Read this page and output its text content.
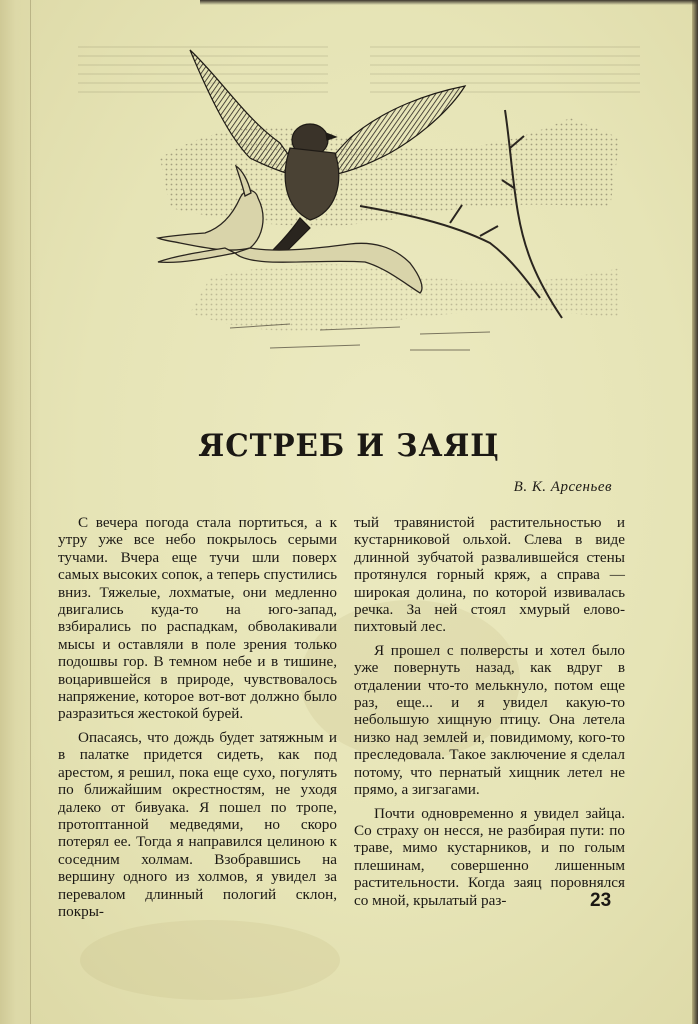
ЯСТРЕБ И ЗАЯЦ
В. К. Арсеньев

С вечера погода стала портиться, а к утру уже все небо покрылось серыми тучами. Вчера еще тучи шли поверх самых высоких сопок, а теперь спустились вниз. Тяжелые, лохматые, они медленно двигались куда-то на юго-запад, взбирались по распадкам, обволакивали мысы и оставляли в поле зрения только подошвы гор. В темном небе и в тишине, воцарившейся в природе, чувствовалось напряжение, которое вот-вот должно было разразиться жестокой бурей.

Опасаясь, что дождь будет затяжным и в палатке придется сидеть, как под арестом, я решил, пока еще сухо, погулять по ближайшим окрестностям, не уходя далеко от бивуака. Я пошел по тропе, протоптанной медведями, но скоро потерял ее. Тогда я направился целиною к соседним холмам. Взобравшись на вершину одного из холмов, я увидел за перевалом длинный пологий склон, покры-

тый травянистой растительностью и кустарниковой ольхой. Слева в виде длинной зубчатой развалившейся стены протянулся горный кряж, а справа — широкая долина, по которой извивалась речка. За ней стоял хмурый елово-пихтовый лес.

Я прошел с полверсты и хотел было уже повернуть назад, как вдруг в отдалении что-то мелькнуло, потом еще раз, еще... и я увидел какую-то небольшую хищную птицу. Она летела низко над землей и, повидимому, кого-то преследовала. Такое заключение я сделал потому, что пернатый хищник летел не прямо, а зигзагами.

Почти одновременно я увидел зайца. Со страху он несся, не разбирая пути: по траве, мимо кустарников, и по голым плешинам, совершенно лишенным растительности. Когда заяц поровнялся со мной, крылатый раз-	23
